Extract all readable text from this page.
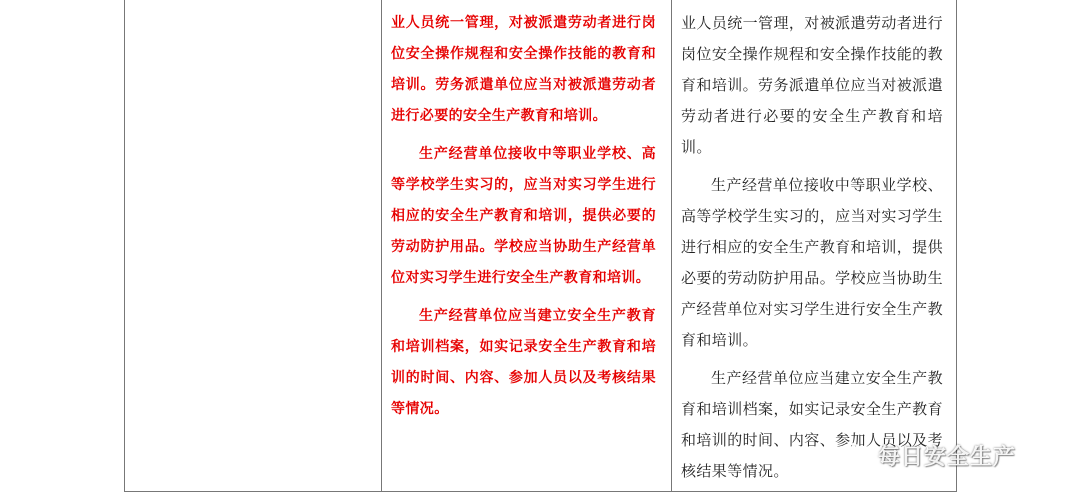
业人员统一管理，对被派遣劳动者进行岗位安全操作规程和安全操作技能的教育和培训。劳务派遣单位应当对被派遣劳动者进行必要的安全生产教育和培训。

生产经营单位接收中等职业学校、高等学校学生实习的，应当对实习学生进行相应的安全生产教育和培训，提供必要的劳动防护用品。学校应当协助生产经营单位对实习学生进行安全生产教育和培训。

生产经营单位应当建立安全生产教育和培训档案，如实记录安全生产教育和培训的时间、内容、参加人员以及考核结果等情况。

业人员统一管理，对被派遣劳动者进行岗位安全操作规程和安全操作技能的教育和培训。劳务派遣单位应当对被派遣劳动者进行必要的安全生产教育和培训。

生产经营单位接收中等职业学校、高等学校学生实习的，应当对实习学生进行相应的安全生产教育和培训，提供必要的劳动防护用品。学校应当协助生产经营单位对实习学生进行安全生产教育和培训。

生产经营单位应当建立安全生产教育和培训档案，如实记录安全生产教育和培训的时间、内容、参加人员以及考核结果等情况。

每日安全生产
